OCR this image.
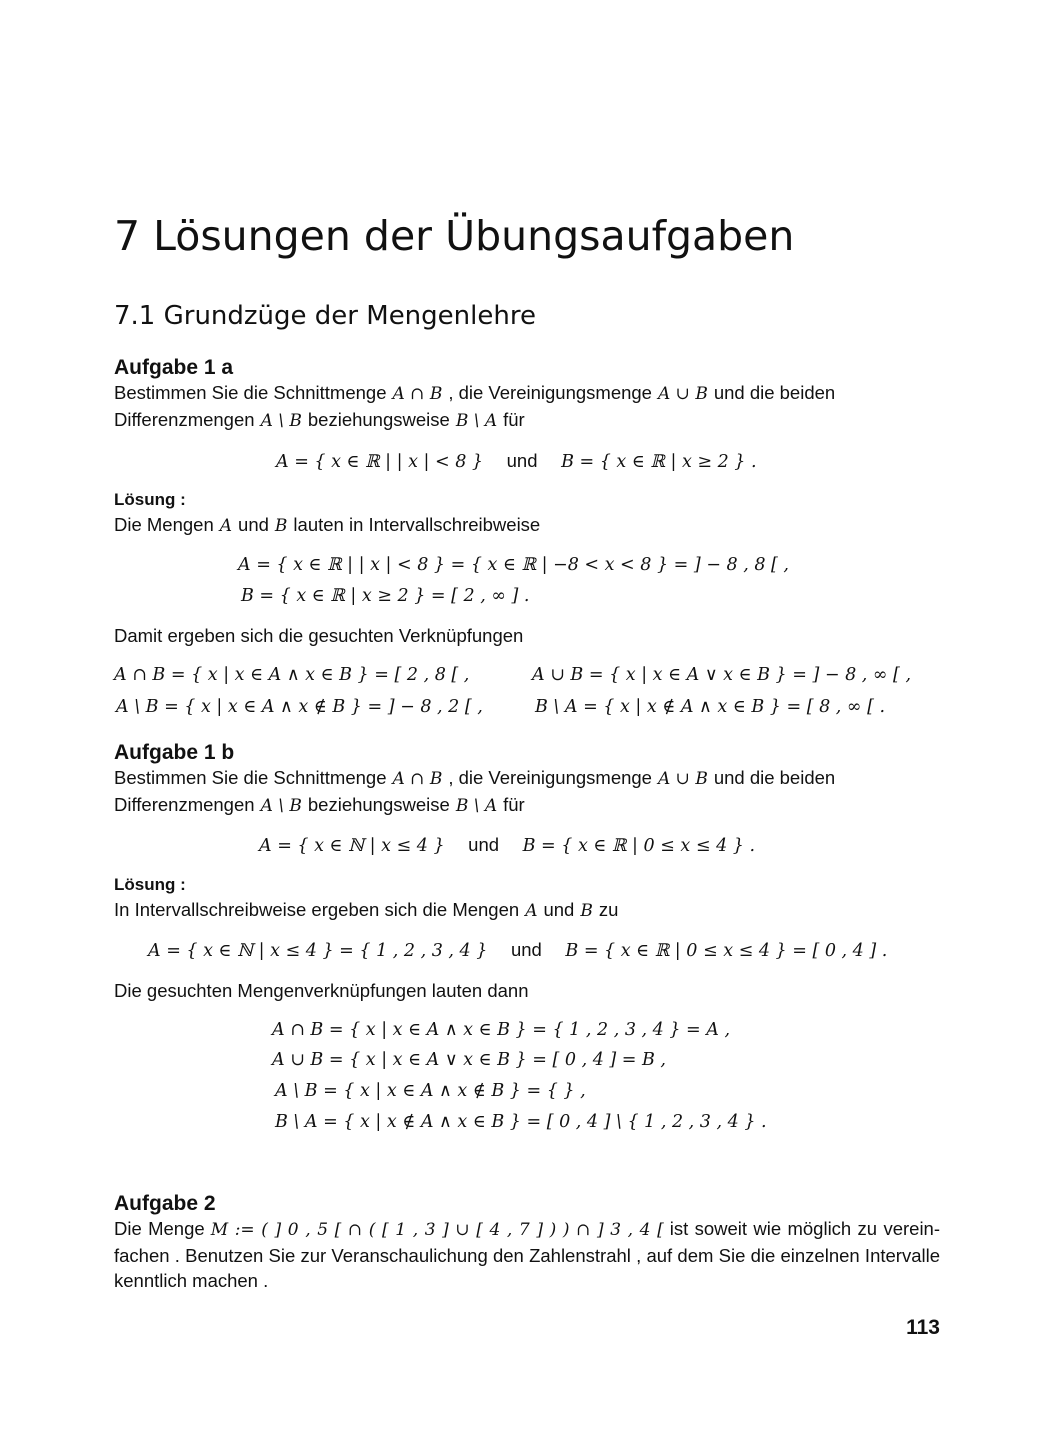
7 Lösungen der Übungsaufgaben
7.1 Grundzüge der Mengenlehre

Aufgabe 1 a

Bestimmen Sie die Schnittmenge A ∩ B , die Vereinigungsmenge A ∪ B und die beiden

Differenzmengen A \ B beziehungsweise B \ A für

A = { x ∈ ℝ | | x | < 8 } und B = { x ∈ ℝ | x ≥ 2 } .

Lösung :

Die Mengen A und B lauten in Intervallschreibweise

A = { x ∈ ℝ | | x | < 8 } = { x ∈ ℝ | −8 < x < 8 } = ] − 8 , 8 [ ,

B = { x ∈ ℝ | x ≥ 2 } = [ 2 , ∞ ] .

Damit ergeben sich die gesuchten Verknüpfungen

A ∩ B = { x | x ∈ A ∧ x ∈ B } = [ 2 , 8 [ ,	A ∪ B = { x | x ∈ A ∨ x ∈ B } = ] − 8 , ∞ [ ,

A \ B = { x | x ∈ A ∧ x ∉ B } = ] − 8 , 2 [ ,	B \ A = { x | x ∉ A ∧ x ∈ B } = [ 8 , ∞ [ .

Aufgabe 1 b

Bestimmen Sie die Schnittmenge A ∩ B , die Vereinigungsmenge A ∪ B und die beiden

Differenzmengen A \ B beziehungsweise B \ A für

A = { x ∈ ℕ | x ≤ 4 } und B = { x ∈ ℝ | 0 ≤ x ≤ 4 } .

Lösung :

In Intervallschreibweise ergeben sich die Mengen A und B zu

A = { x ∈ ℕ | x ≤ 4 } = { 1 , 2 , 3 , 4 } und B = { x ∈ ℝ | 0 ≤ x ≤ 4 } = [ 0 , 4 ] .

Die gesuchten Mengenverknüpfungen lauten dann

A ∩ B = { x | x ∈ A ∧ x ∈ B } = { 1 , 2 , 3 , 4 } = A ,

A ∪ B = { x | x ∈ A ∨ x ∈ B } = [ 0 , 4 ] = B ,

A \ B = { x | x ∈ A ∧ x ∉ B } = { } ,

B \ A = { x | x ∉ A ∧ x ∈ B } = [ 0 , 4 ] \ { 1 , 2 , 3 , 4 } .

Aufgabe 2

Die Menge M := ( ] 0 , 5 [ ∩ ( [ 1 , 3 ] ∪ [ 4 , 7 ] ) ) ∩ ] 3 , 4 [ ist soweit wie möglich zu verein-fachen . Benutzen Sie zur Veranschaulichung den Zahlenstrahl , auf dem Sie die einzelnen Intervalle kenntlich machen .

113
